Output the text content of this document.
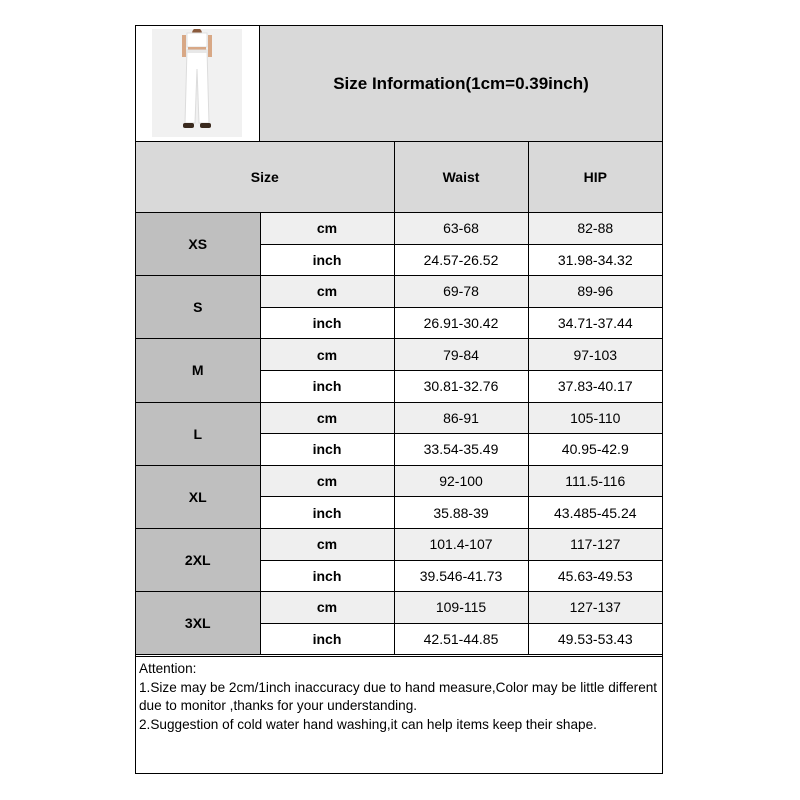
Size Information(1cm=0.39inch)
Size		Waist	HIP
XS	cm	63-68	82-88
	inch	24.57-26.52	31.98-34.32
S	cm	69-78	89-96
	inch	26.91-30.42	34.71-37.44
M	cm	79-84	97-103
	inch	30.81-32.76	37.83-40.17
L	cm	86-91	105-110
	inch	33.54-35.49	40.95-42.9
XL	cm	92-100	111.5-116
	inch	35.88-39	43.485-45.24
2XL	cm	101.4-107	117-127
	inch	39.546-41.73	45.63-49.53
3XL	cm	109-115	127-137
	inch	42.51-44.85	49.53-53.43
Attention:
1.Size may be 2cm/1inch inaccuracy due to hand measure,Color may be little different due to monitor ,thanks for your understanding.
2.Suggestion of cold water hand washing,it can help items keep their shape.
